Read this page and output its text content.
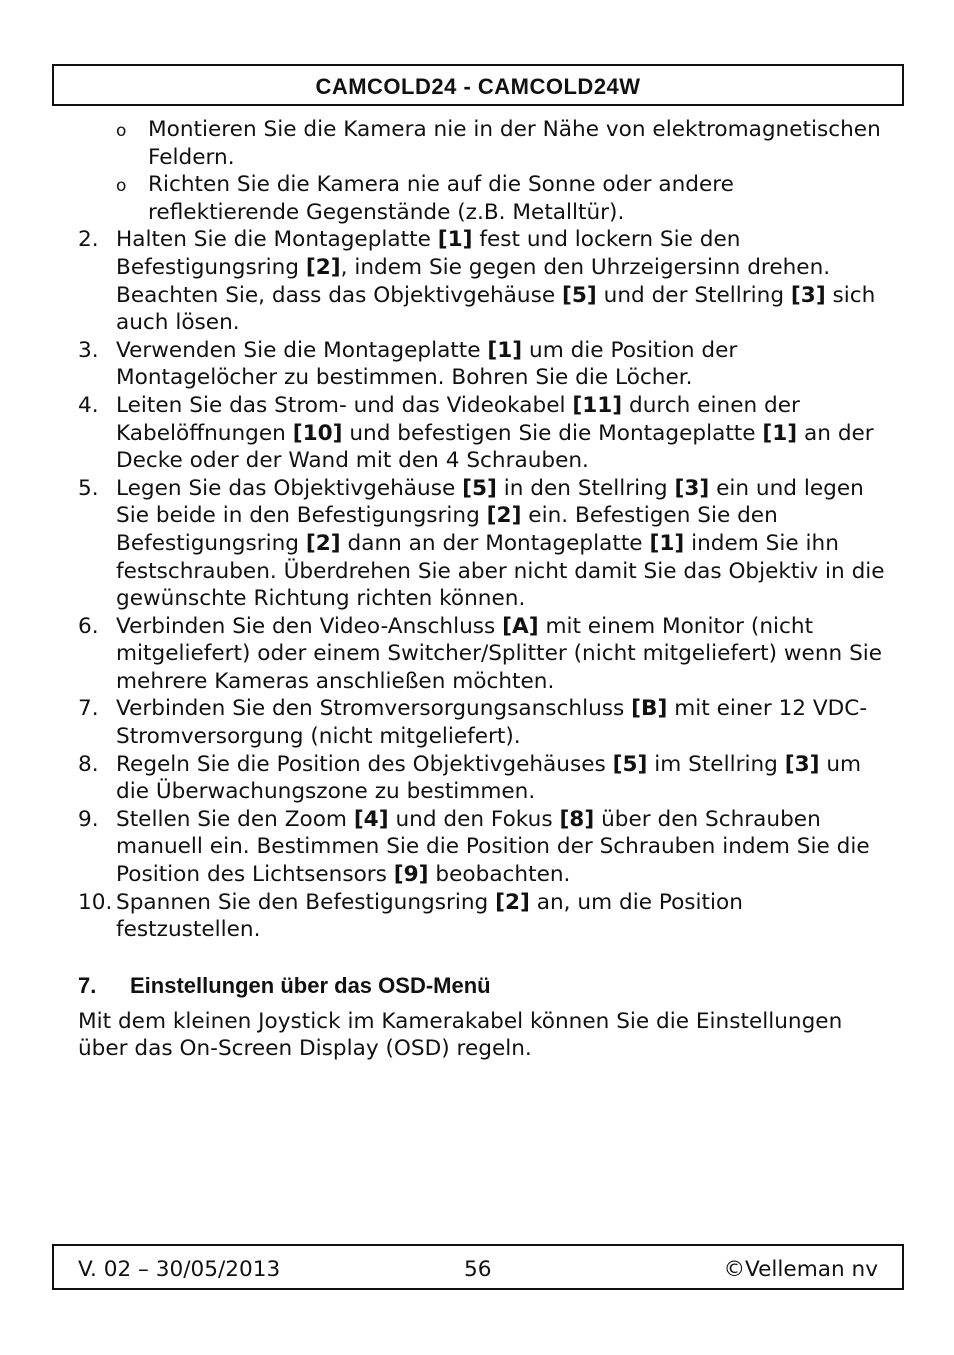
CAMCOLD24 - CAMCOLD24W
o Montieren Sie die Kamera nie in der Nähe von elektromagnetischen Feldern.
o Richten Sie die Kamera nie auf die Sonne oder andere reflektierende Gegenstände (z.B. Metalltür).
2. Halten Sie die Montageplatte [1] fest und lockern Sie den Befestigungsring [2], indem Sie gegen den Uhrzeigersinn drehen. Beachten Sie, dass das Objektivgehäuse [5] und der Stellring [3] sich auch lösen.
3. Verwenden Sie die Montageplatte [1] um die Position der Montagelöcher zu bestimmen. Bohren Sie die Löcher.
4. Leiten Sie das Strom- und das Videokabel [11] durch einen der Kabelöffnungen [10] und befestigen Sie die Montageplatte [1] an der Decke oder der Wand mit den 4 Schrauben.
5. Legen Sie das Objektivgehäuse [5] in den Stellring [3] ein und legen Sie beide in den Befestigungsring [2] ein. Befestigen Sie den Befestigungsring [2] dann an der Montageplatte [1] indem Sie ihn festschrauben. Überdrehen Sie aber nicht damit Sie das Objektiv in die gewünschte Richtung richten können.
6. Verbinden Sie den Video-Anschluss [A] mit einem Monitor (nicht mitgeliefert) oder einem Switcher/Splitter (nicht mitgeliefert) wenn Sie mehrere Kameras anschließen möchten.
7. Verbinden Sie den Stromversorgungsanschluss [B] mit einer 12 VDC-Stromversorgung (nicht mitgeliefert).
8. Regeln Sie die Position des Objektivgehäuses [5] im Stellring [3] um die Überwachungszone zu bestimmen.
9. Stellen Sie den Zoom [4] und den Fokus [8] über den Schrauben manuell ein. Bestimmen Sie die Position der Schrauben indem Sie die Position des Lichtsensors [9] beobachten.
10. Spannen Sie den Befestigungsring [2] an, um die Position festzustellen.
7. Einstellungen über das OSD-Menü
Mit dem kleinen Joystick im Kamerakabel können Sie die Einstellungen über das On-Screen Display (OSD) regeln.
V. 02 – 30/05/2013	56	©Velleman nv
